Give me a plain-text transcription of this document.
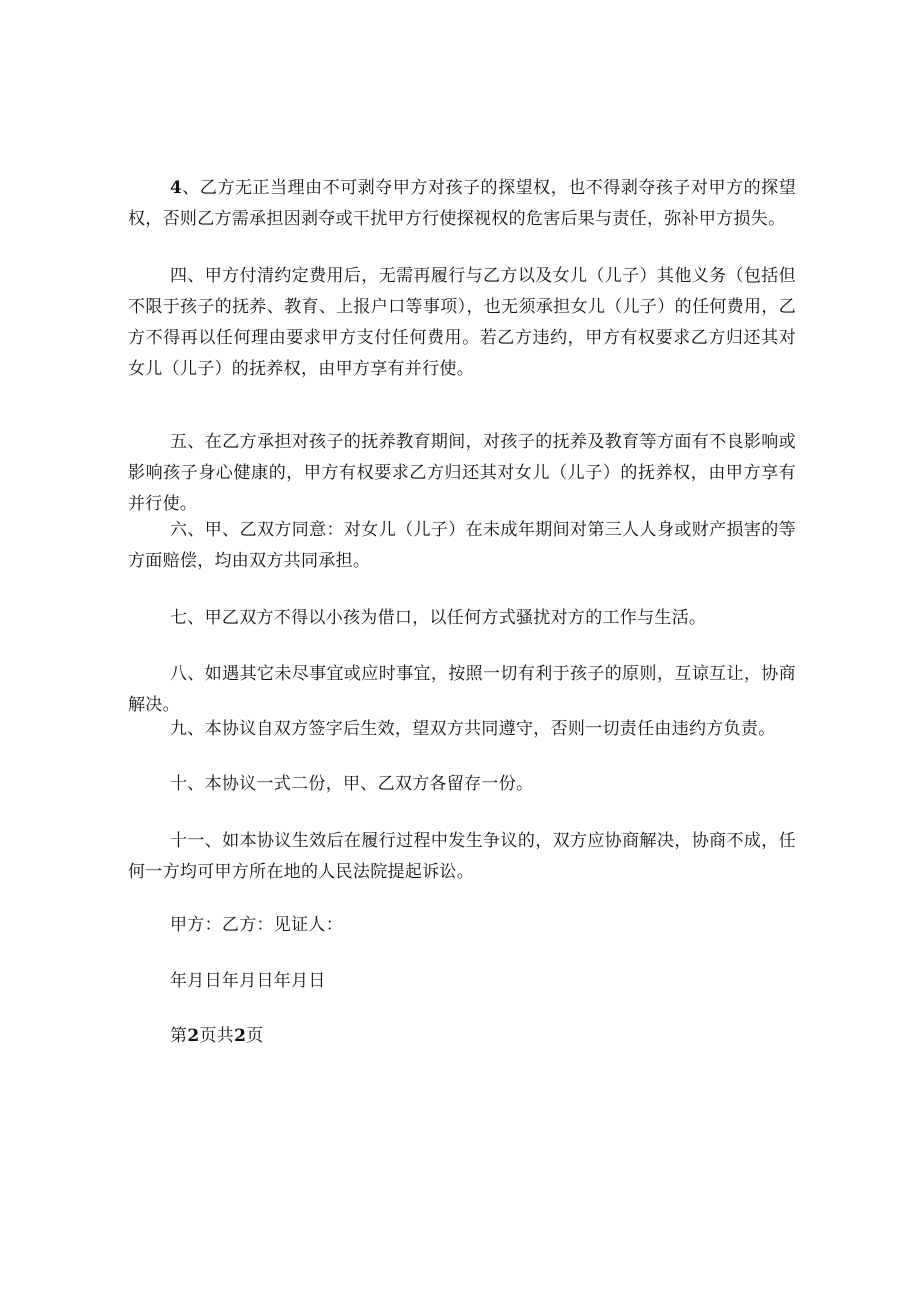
4、乙方无正当理由不可剥夺甲方对孩子的探望权，也不得剥夺孩子对甲方的探望权，否则乙方需承担因剥夺或干扰甲方行使探视权的危害后果与责任，弥补甲方损失。

四、甲方付清约定费用后，无需再履行与乙方以及女儿（儿子）其他义务（包括但不限于孩子的抚养、教育、上报户口等事项），也无须承担女儿（儿子）的任何费用，乙方不得再以任何理由要求甲方支付任何费用。若乙方违约，甲方有权要求乙方归还其对女儿（儿子）的抚养权，由甲方享有并行使。

五、在乙方承担对孩子的抚养教育期间，对孩子的抚养及教育等方面有不良影响或影响孩子身心健康的，甲方有权要求乙方归还其对女儿（儿子）的抚养权，由甲方享有并行使。

六、甲、乙双方同意：对女儿（儿子）在未成年期间对第三人人身或财产损害的等方面赔偿，均由双方共同承担。

七、甲乙双方不得以小孩为借口，以任何方式骚扰对方的工作与生活。

八、如遇其它未尽事宜或应时事宜，按照一切有利于孩子的原则，互谅互让，协商解决。

九、本协议自双方签字后生效，望双方共同遵守，否则一切责任由违约方负责。

十、本协议一式二份，甲、乙双方各留存一份。

十一、如本协议生效后在履行过程中发生争议的，双方应协商解决，协商不成，任何一方均可甲方所在地的人民法院提起诉讼。

甲方：乙方：见证人：

年月日年月日年月日

第2页共2页
